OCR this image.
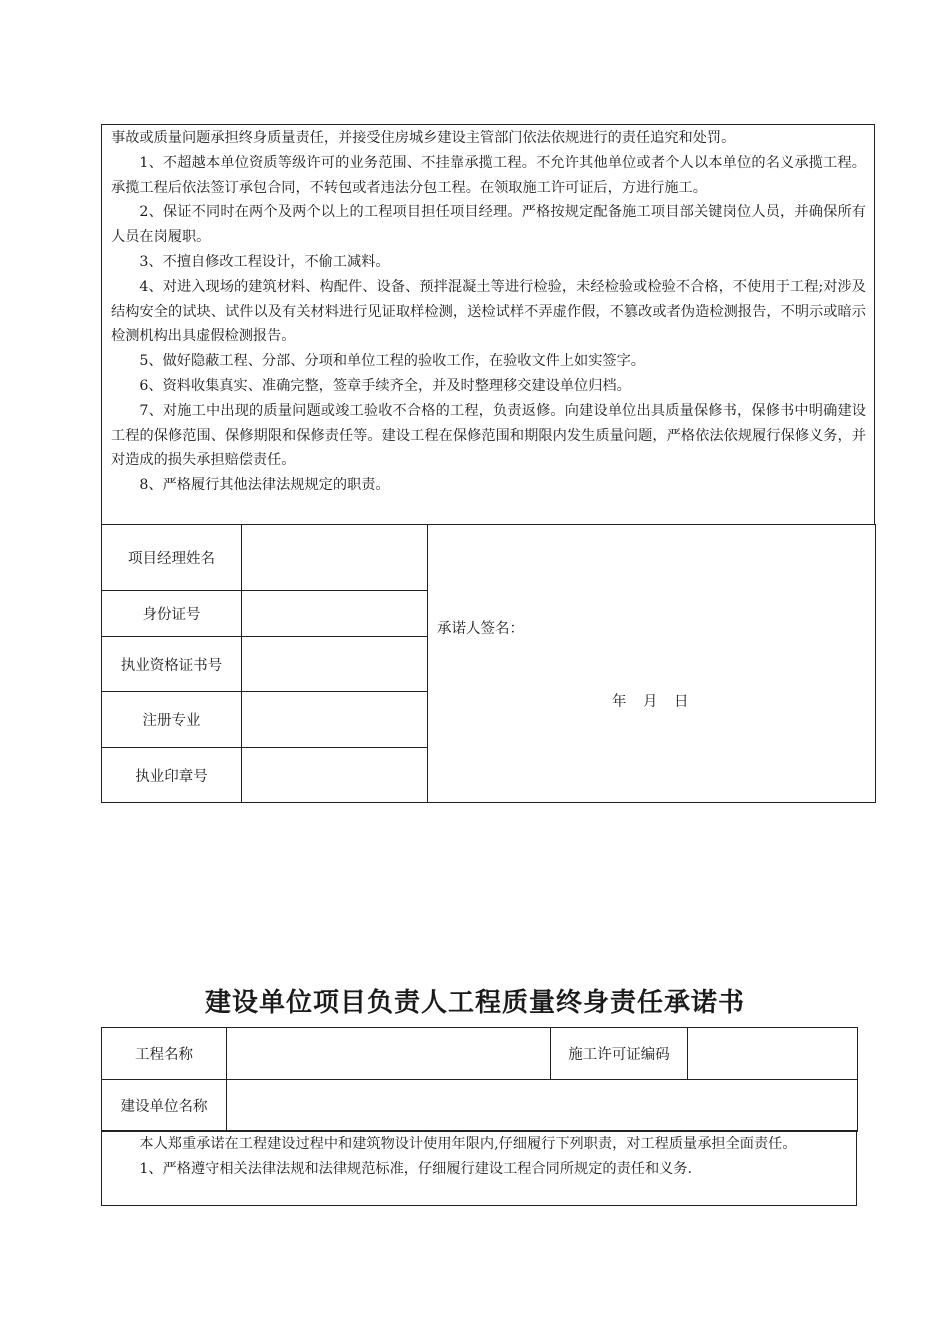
事故或质量问题承担终身质量责任，并接受住房城乡建设主管部门依法依规进行的责任追究和处罚。

1、不超越本单位资质等级许可的业务范围、不挂靠承揽工程。不允许其他单位或者个人以本单位的名义承揽工程。承揽工程后依法签订承包合同，不转包或者违法分包工程。在领取施工许可证后，方进行施工。

2、保证不同时在两个及两个以上的工程项目担任项目经理。严格按规定配备施工项目部关键岗位人员，并确保所有人员在岗履职。

3、不擅自修改工程设计，不偷工减料。

4、对进入现场的建筑材料、构配件、设备、预拌混凝土等进行检验，未经检验或检验不合格，不使用于工程;对涉及结构安全的试块、试件以及有关材料进行见证取样检测，送检试样不弄虚作假，不篡改或者伪造检测报告，不明示或暗示检测机构出具虚假检测报告。

5、做好隐蔽工程、分部、分项和单位工程的验收工作，在验收文件上如实签字。

6、资料收集真实、准确完整，签章手续齐全，并及时整理移交建设单位归档。

7、对施工中出现的质量问题或竣工验收不合格的工程，负责返修。向建设单位出具质量保修书，保修书中明确建设工程的保修范围、保修期限和保修责任等。建设工程在保修范围和期限内发生质量问题，严格依法依规履行保修义务，并对造成的损失承担赔偿责任。

8、严格履行其他法律法规规定的职责。

项目经理姓名		承诺人签名：
年　月　日

身份证号		
执业资格证书号		
注册专业		
执业印章号		
建设单位项目负责人工程质量终身责任承诺书
工程名称		施工许可证编码	
建设单位名称			

本人郑重承诺在工程建设过程中和建筑物设计使用年限内,仔细履行下列职责，对工程质量承担全面责任。

1、严格遵守相关法律法规和法律规范标准，仔细履行建设工程合同所规定的责任和义务.
